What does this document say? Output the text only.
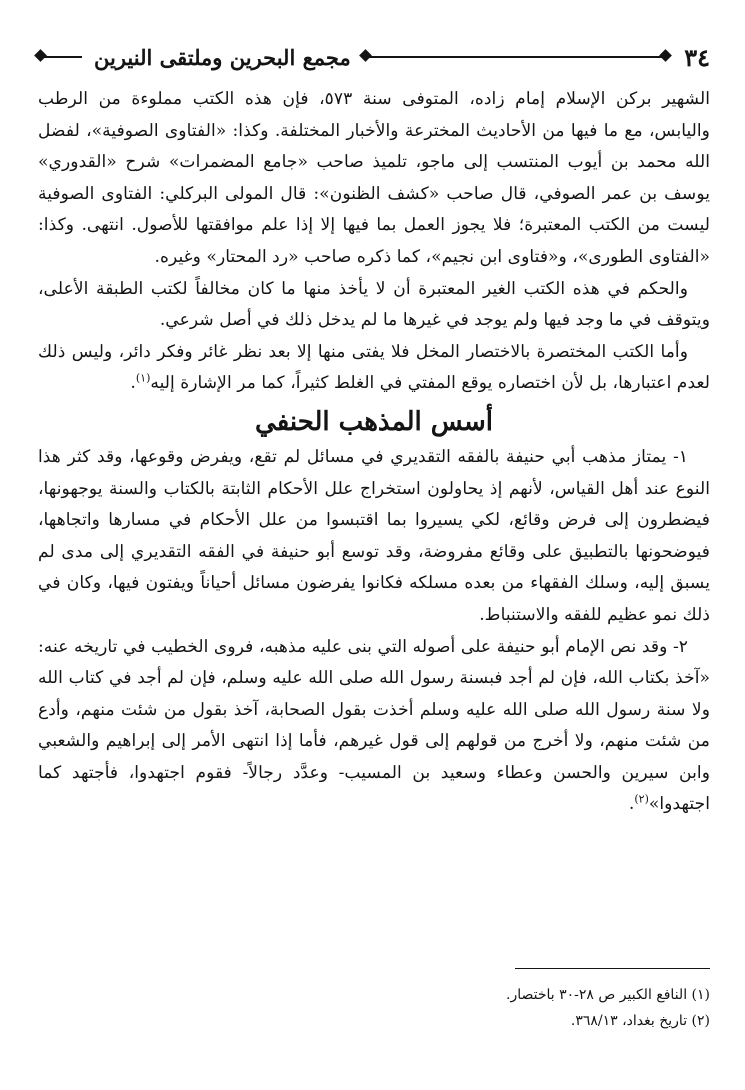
٣٤
مجمع البحرين وملتقى النيرين

الشهير بركن الإسلام إمام زاده، المتوفى سنة ٥٧٣، فإن هذه الكتب مملوءة من الرطب واليابس، مع ما فيها من الأحاديث المخترعة والأخبار المختلفة. وكذا: «الفتاوى الصوفية»، لفضل الله محمد بن أيوب المنتسب إلى ماجو، تلميذ صاحب «جامع المضمرات» شرح «القدوري» يوسف بن عمر الصوفي، قال صاحب «كشف الظنون»: قال المولى البركلي: الفتاوى الصوفية ليست من الكتب المعتبرة؛ فلا يجوز العمل بما فيها إلا إذا علم موافقتها للأصول. انتهى. وكذا: «الفتاوى الطورى»، و«فتاوى ابن نجيم»، كما ذكره صاحب «رد المحتار» وغيره.

والحكم في هذه الكتب الغير المعتبرة أن لا يأخذ منها ما كان مخالفاً لكتب الطبقة الأعلى، ويتوقف في ما وجد فيها ولم يوجد في غيرها ما لم يدخل ذلك في أصل شرعي.

وأما الكتب المختصرة بالاختصار المخل فلا يفتى منها إلا بعد نظر غائر وفكر دائر، وليس ذلك لعدم اعتبارها، بل لأن اختصاره يوقع المفتي في الغلط كثيراً، كما مر الإشارة إليه$^{(١)}$.

أسس المذهب الحنفي

١- يمتاز مذهب أبي حنيفة بالفقه التقديري في مسائل لم تقع، ويفرض وقوعها، وقد كثر هذا النوع عند أهل القياس، لأنهم إذ يحاولون استخراج علل الأحكام الثابتة بالكتاب والسنة يوجهونها، فيضطرون إلى فرض وقائع، لكي يسيروا بما اقتبسوا من علل الأحكام في مسارها واتجاهها، فيوضحونها بالتطبيق على وقائع مفروضة، وقد توسع أبو حنيفة في الفقه التقديري إلى مدى لم يسبق إليه، وسلك الفقهاء من بعده مسلكه فكانوا يفرضون مسائل أحياناً ويفتون فيها، وكان في ذلك نمو عظيم للفقه والاستنباط.

٢- وقد نص الإمام أبو حنيفة على أصوله التي بنى عليه مذهبه، فروى الخطيب في تاريخه عنه: «آخذ بكتاب الله، فإن لم أجد فبسنة رسول الله صلى الله عليه وسلم، فإن لم أجد في كتاب الله ولا سنة رسول الله صلى الله عليه وسلم أخذت بقول الصحابة، آخذ بقول من شئت منهم، وأدع من شئت منهم، ولا أخرج من قولهم إلى قول غيرهم، فأما إذا انتهى الأمر إلى إبراهيم والشعبي وابن سيرين والحسن وعطاء وسعيد بن المسيب- وعدَّد رجالاً- فقوم اجتهدوا، فأجتهد كما اجتهدوا»$^{(٢)}$.

(١) النافع الكبير ص ٢٨-٣٠ باختصار.

(٢) تاريخ بغداد، ٣٦٨/١٣.
